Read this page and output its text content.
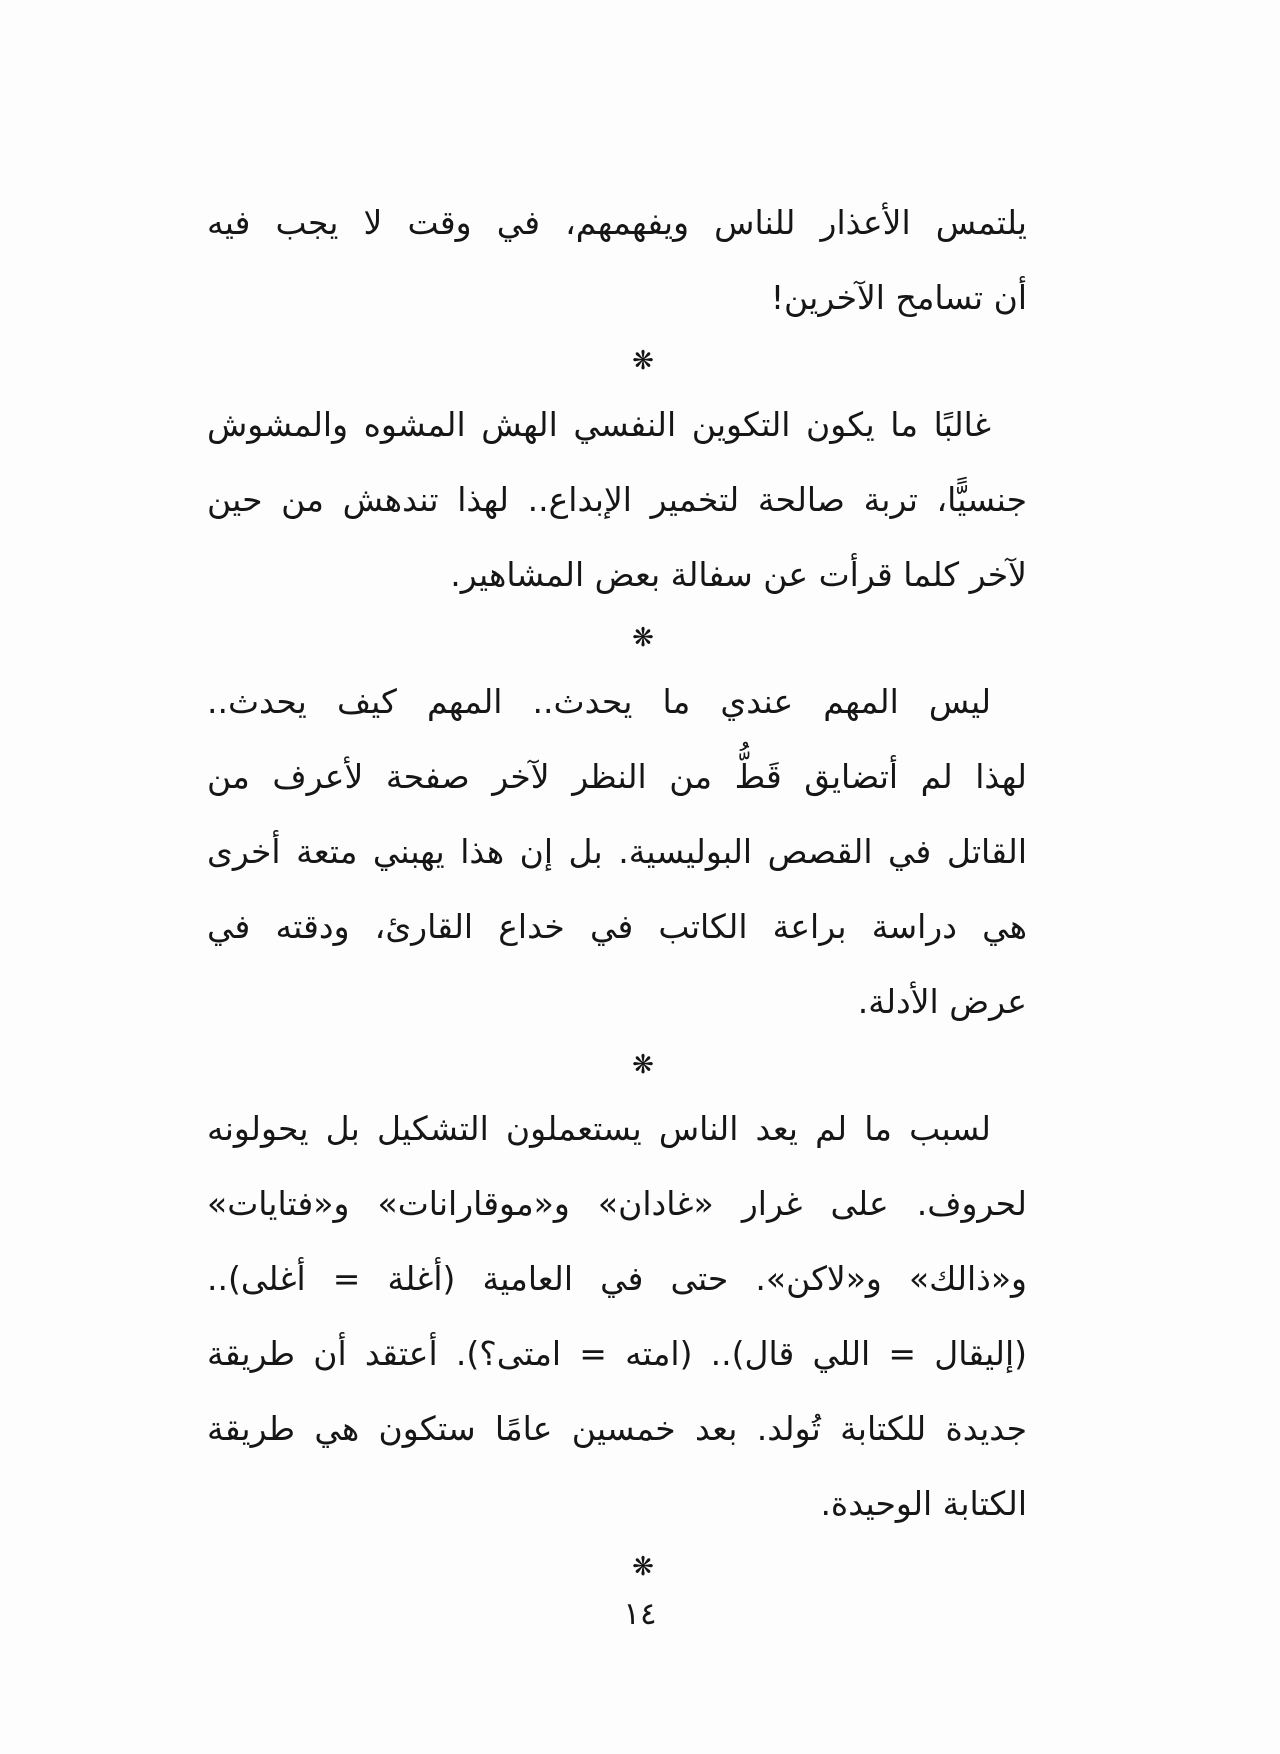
يلتمس الأعذار للناس ويفهمهم، في وقت لا يجب فيه
أن تسامح الآخرين!
❋
غالبًا ما يكون التكوين النفسي الهش المشوه والمشوش
جنسيًّا، تربة صالحة لتخمير الإبداع.. لهذا تندهش من حين
لآخر كلما قرأت عن سفالة بعض المشاهير.
❋
ليس المهم عندي ما يحدث.. المهم كيف يحدث..
لهذا لم أتضايق قَطُّ من النظر لآخر صفحة لأعرف من
القاتل في القصص البوليسية. بل إن هذا يهبني متعة أخرى
هي دراسة براعة الكاتب في خداع القارئ، ودقته في
عرض الأدلة.
❋
لسبب ما لم يعد الناس يستعملون التشكيل بل يحولونه
لحروف. على غرار «غادان» و«موقارانات» و«فتايات»
و«ذالك» و«لاكن». حتى في العامية (أغلة = أغلى)..
(إليقال = اللي قال).. (امته = امتى؟). أعتقد أن طريقة
جديدة للكتابة تُولد. بعد خمسين عامًا ستكون هي طريقة
الكتابة الوحيدة.
❋
١٤
